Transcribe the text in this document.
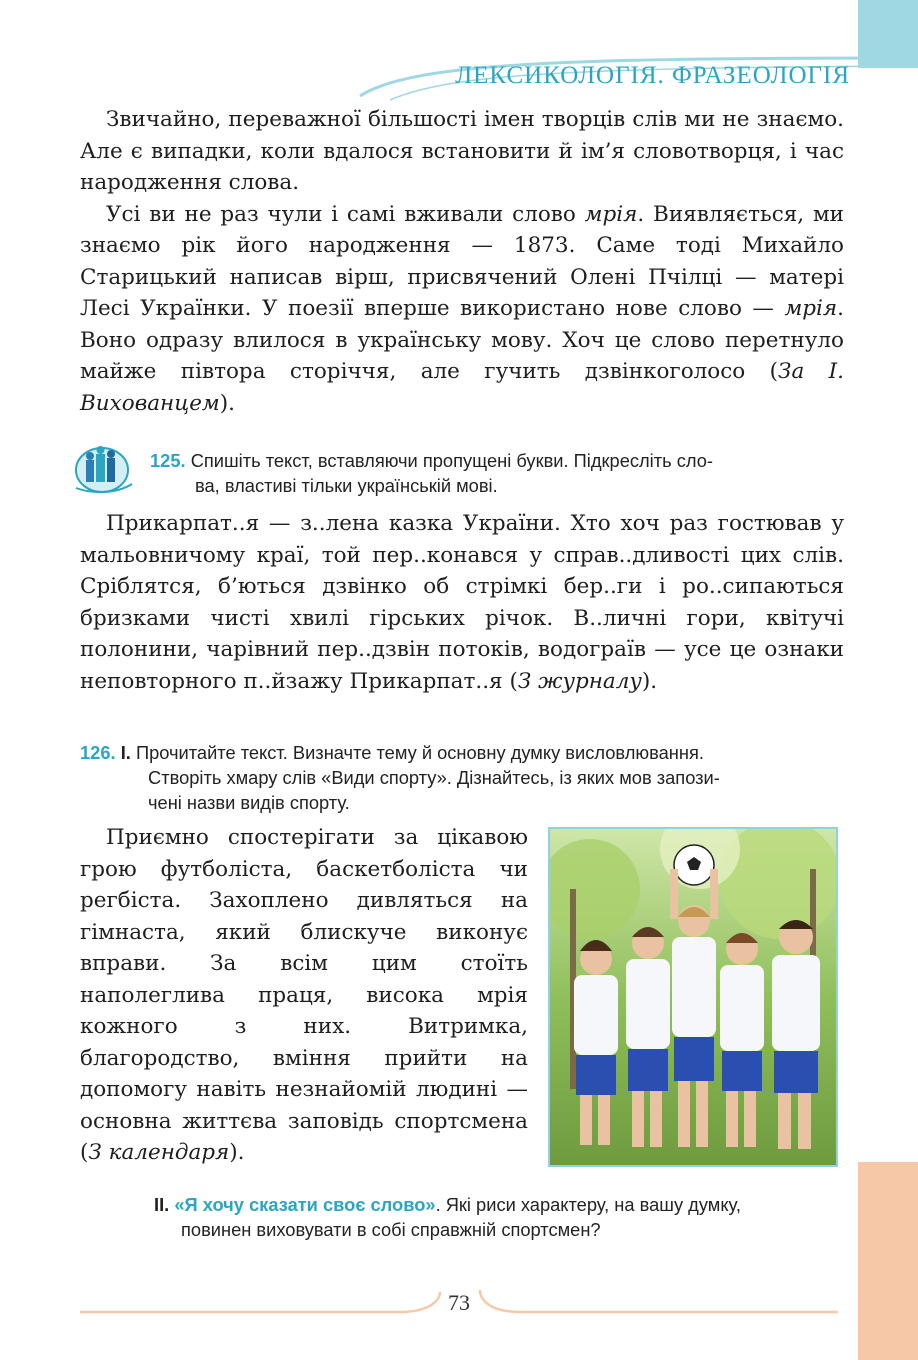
ЛЕКСИКОЛОГІЯ. ФРАЗЕОЛОГІЯ

Звичайно, переважної більшості імен творців слів ми не знаємо. Але є випадки, коли вдалося встановити й ім’я словотворця, і час народження слова.

Усі ви не раз чули і самі вживали слово мрія. Виявляється, ми знаємо рік його народження — 1873. Саме тоді Михайло Старицький написав вірш, присвячений Олені Пчілці — матері Лесі Українки. У поезії вперше використано нове слово — мрія. Воно одразу влилося в українську мову. Хоч це слово перетнуло майже півтора сторіччя, але гучить дзвінкоголосо (За І. Вихованцем).

125. Спишіть текст, вставляючи пропущені букви. Підкресліть сло-
ва, властиві тільки українській мові.

Прикарпат..я — з..лена казка України. Хто хоч раз гостював у мальовничому краї, той пер..конався у справ..дливості цих слів. Сріблятся, б’ються дзвінко об стрімкі бер..ги і ро..сипаються бризками чисті хвилі гірських річок. В..личні гори, квітучі полонини, чарівний пер..дзвін потоків, водограїв — усе це ознаки неповторного п..йзажу Прикарпат..я (З журналу).

126. I. Прочитайте текст. Визначте тему й основну думку висловлювання.
Створіть хмару слів «Види спорту». Дізнайтесь, із яких мов запози-
чені назви видів спорту.

Приємно спостерігати за цікавою грою футболіста, баскетболіста чи регбіста. Захоплено дивляться на гімнаста, який блискуче виконує вправи. За всім цим стоїть наполеглива праця, висока мрія кожного з них. Витримка, благородство, вміння прийти на допомогу навіть незнайомій людині — основна життєва заповідь спортсмена (З календаря).

II. «Я хочу сказати своє слово». Які риси характеру, на вашу думку,
повинен виховувати в собі справжній спортсмен?
73
